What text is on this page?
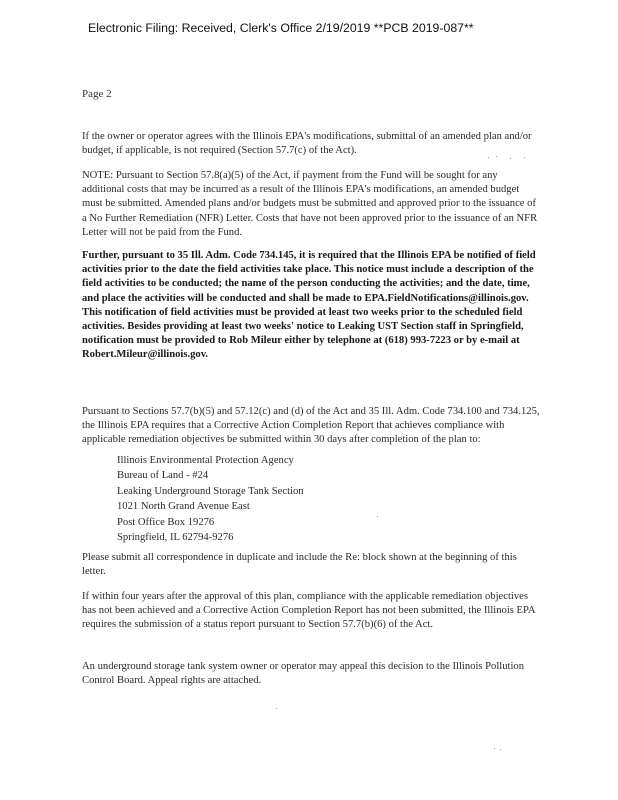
Electronic Filing: Received, Clerk's Office 2/19/2019 **PCB 2019-087**
Page 2
If the owner or operator agrees with the Illinois EPA's modifications, submittal of an amended plan and/or budget, if applicable, is not required (Section 57.7(c) of the Act).
NOTE: Pursuant to Section 57.8(a)(5) of the Act, if payment from the Fund will be sought for any additional costs that may be incurred as a result of the Illinois EPA's modifications, an amended budget must be submitted. Amended plans and/or budgets must be submitted and approved prior to the issuance of a No Further Remediation (NFR) Letter. Costs that have not been approved prior to the issuance of an NFR Letter will not be paid from the Fund.
Further, pursuant to 35 Ill. Adm. Code 734.145, it is required that the Illinois EPA be notified of field activities prior to the date the field activities take place. This notice must include a description of the field activities to be conducted; the name of the person conducting the activities; and the date, time, and place the activities will be conducted and shall be made to EPA.FieldNotifications@illinois.gov. This notification of field activities must be provided at least two weeks prior to the scheduled field activities. Besides providing at least two weeks' notice to Leaking UST Section staff in Springfield, notification must be provided to Rob Mileur either by telephone at (618) 993-7223 or by e-mail at Robert.Mileur@illinois.gov.
Pursuant to Sections 57.7(b)(5) and 57.12(c) and (d) of the Act and 35 Ill. Adm. Code 734.100 and 734.125, the Illinois EPA requires that a Corrective Action Completion Report that achieves compliance with applicable remediation objectives be submitted within 30 days after completion of the plan to:
Illinois Environmental Protection Agency
Bureau of Land - #24
Leaking Underground Storage Tank Section
1021 North Grand Avenue East
Post Office Box 19276
Springfield, IL 62794-9276
Please submit all correspondence in duplicate and include the Re: block shown at the beginning of this letter.
If within four years after the approval of this plan, compliance with the applicable remediation objectives has not been achieved and a Corrective Action Completion Report has not been submitted, the Illinois EPA requires the submission of a status report pursuant to Section 57.7(b)(6) of the Act.
An underground storage tank system owner or operator may appeal this decision to the Illinois Pollution Control Board. Appeal rights are attached.
